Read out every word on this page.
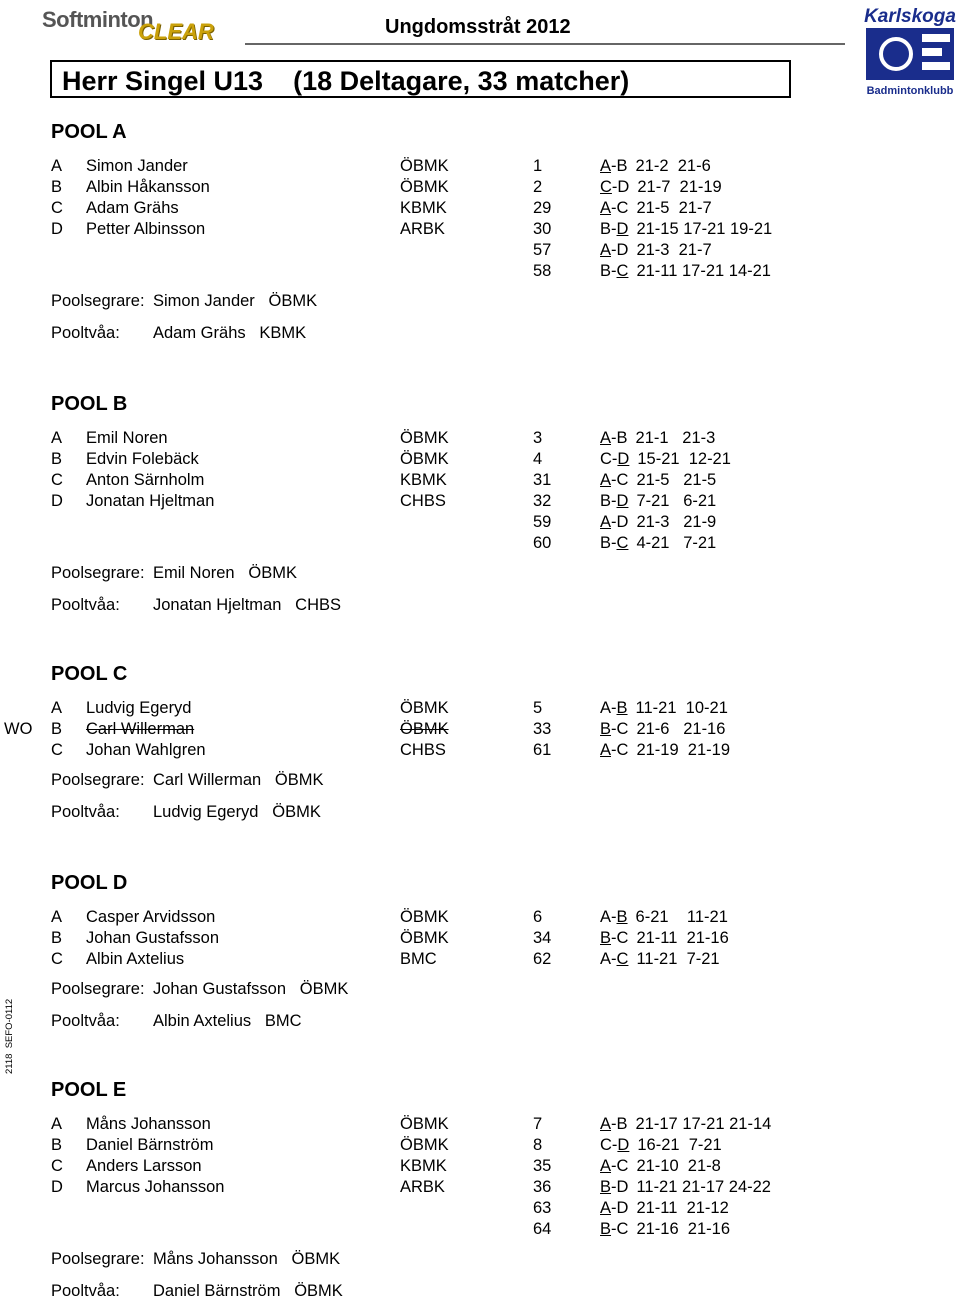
Softminton
CLEAR	Ungdomsstråt 2012	Karlskoga
Badmintonklubb
Herr Singel U13    (18 Deltagare, 33 matcher)
2118  SEFO-0112
POOL A
A Simon Jander	ÖBMK
B Albin Håkansson	ÖBMK
C Adam Grähs	KBMK
D Petter Albinsson	ARBK
1	A-B 21-2  21-6
2	C-D 21-7  21-19
29	A-C 21-5  21-7
30	B-D 21-15 17-21 19-21
57	A-D 21-3  21-7
58	B-C 21-11 17-21 14-21
Poolsegrare: Simon Jander   ÖBMK
Pooltvåa: Adam Grähs   KBMK
POOL B
A Emil Noren	ÖBMK
B Edvin Folebäck	ÖBMK
C Anton Särnholm	KBMK
D Jonatan Hjeltman	CHBS
3	A-B 21-1   21-3
4	C-D 15-21  12-21
31	A-C 21-5   21-5
32	B-D 7-21   6-21
59	A-D 21-3   21-9
60	B-C 4-21   7-21
Poolsegrare: Emil Noren   ÖBMK
Pooltvåa: Jonatan Hjeltman   CHBS
POOL C
A Ludvig Egeryd	ÖBMK
B Carl Willerman	ÖBMK
WO
C Johan Wahlgren	CHBS
5	A-B 11-21  10-21
33	B-C 21-6   21-16
61	A-C 21-19  21-19
Poolsegrare: Carl Willerman   ÖBMK
Pooltvåa: Ludvig Egeryd   ÖBMK
POOL D
A Casper Arvidsson	ÖBMK
B Johan Gustafsson	ÖBMK
C Albin Axtelius	BMC
6	A-B 6-21    11-21
34	B-C 21-11  21-16
62	A-C 11-21  7-21
Poolsegrare: Johan Gustafsson   ÖBMK
Pooltvåa: Albin Axtelius   BMC
POOL E
A Måns Johansson	ÖBMK
B Daniel Bärnström	ÖBMK
C Anders Larsson	KBMK
D Marcus Johansson	ARBK
7	A-B 21-17 17-21 21-14
8	C-D 16-21  7-21
35	A-C 21-10  21-8
36	B-D 11-21 21-17 24-22
63	A-D 21-11  21-12
64	B-C 21-16  21-16
Poolsegrare: Måns Johansson   ÖBMK
Pooltvåa: Daniel Bärnström   ÖBMK
